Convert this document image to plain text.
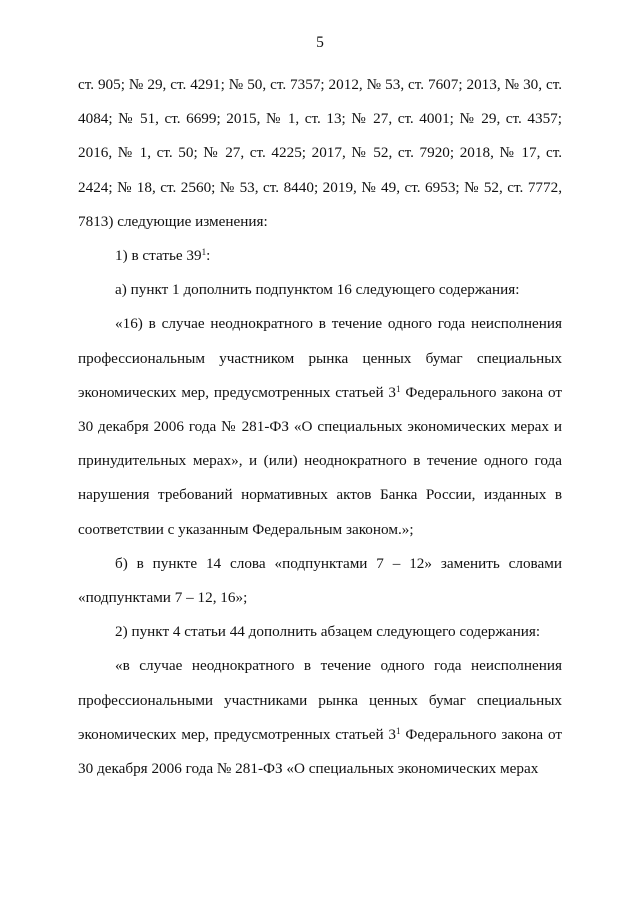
5

ст. 905; № 29, ст. 4291; № 50, ст. 7357; 2012, № 53, ст. 7607; 2013, № 30, ст. 4084; № 51, ст. 6699; 2015, № 1, ст. 13; № 27, ст. 4001; № 29, ст. 4357; 2016, № 1, ст. 50; № 27, ст. 4225; 2017, № 52, ст. 7920; 2018, № 17, ст. 2424; № 18, ст. 2560; № 53, ст. 8440; 2019, № 49, ст. 6953; № 52, ст. 7772, 7813) следующие изменения:

1) в статье $39^1$:

а) пункт 1 дополнить подпунктом 16 следующего содержания:

«16) в случае неоднократного в течение одного года неисполнения профессиональным участником рынка ценных бумаг специальных экономических мер, предусмотренных статьей $3^1$ Федерального закона от 30 декабря 2006 года № 281-ФЗ «О специальных экономических мерах и принудительных мерах», и (или) неоднократного в течение одного года нарушения требований нормативных актов Банка России, изданных в соответствии с указанным Федеральным законом.»;

б) в пункте 14 слова «подпунктами 7 – 12» заменить словами «подпунктами 7 – 12, 16»;

2) пункт 4 статьи 44 дополнить абзацем следующего содержания:

«в случае неоднократного в течение одного года неисполнения профессиональными участниками рынка ценных бумаг специальных экономических мер, предусмотренных статьей $3^1$ Федерального закона от 30 декабря 2006 года № 281-ФЗ «О специальных экономических мерах
